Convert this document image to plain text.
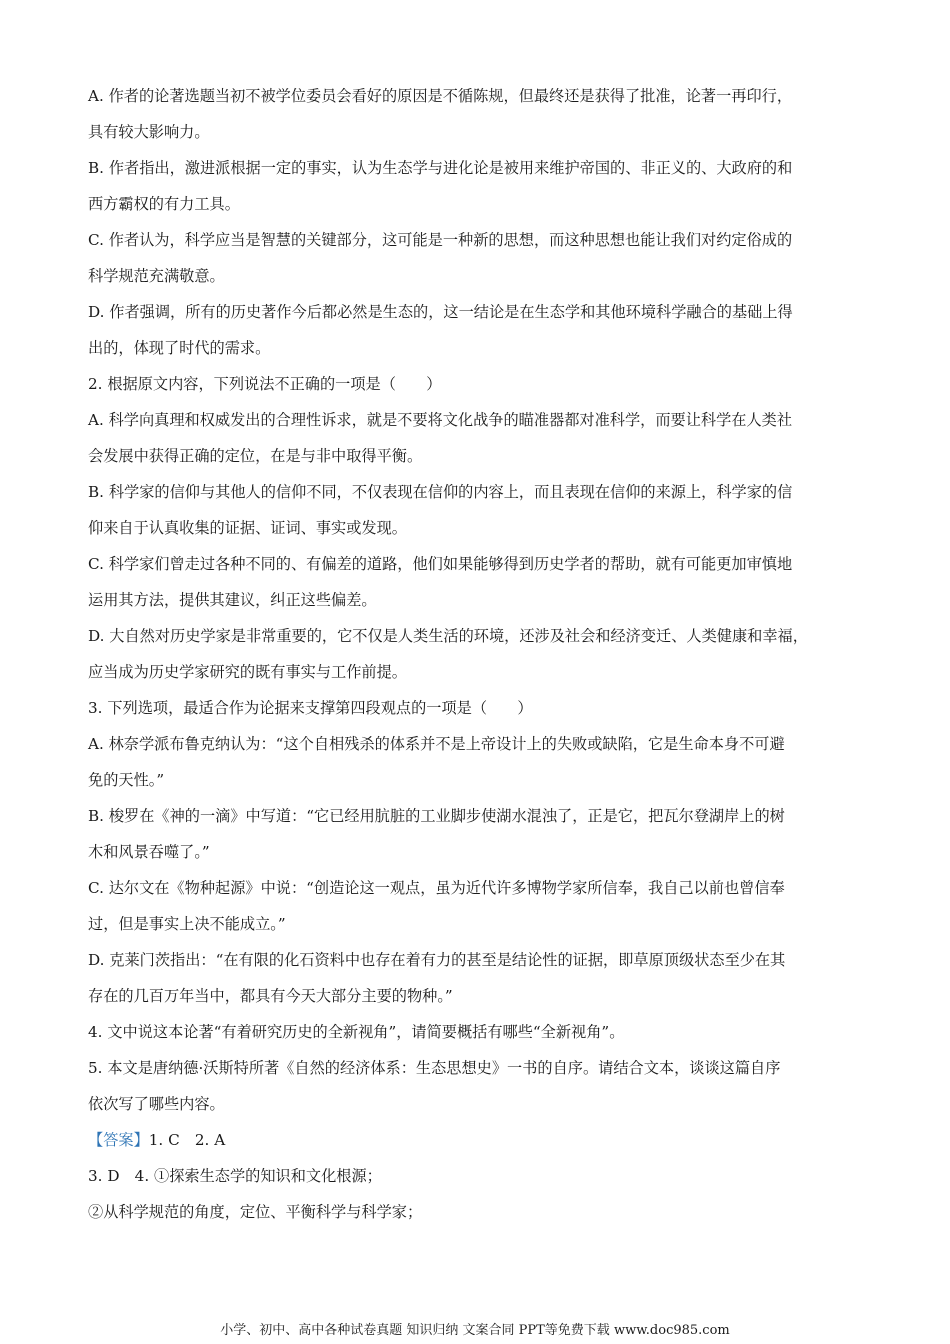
A. 作者的论著选题当初不被学位委员会看好的原因是不循陈规，但最终还是获得了批准，论著一再印行，
具有较大影响力。
B. 作者指出，激进派根据一定的事实，认为生态学与进化论是被用来维护帝国的、非正义的、大政府的和
西方霸权的有力工具。
C. 作者认为，科学应当是智慧的关键部分，这可能是一种新的思想，而这种思想也能让我们对约定俗成的
科学规范充满敬意。
D. 作者强调，所有的历史著作今后都必然是生态的，这一结论是在生态学和其他环境科学融合的基础上得
出的，体现了时代的需求。
2. 根据原文内容，下列说法不正确的一项是（　　）
A. 科学向真理和权威发出的合理性诉求，就是不要将文化战争的瞄准器都对准科学，而要让科学在人类社
会发展中获得正确的定位，在是与非中取得平衡。
B. 科学家的信仰与其他人的信仰不同，不仅表现在信仰的内容上，而且表现在信仰的来源上，科学家的信
仰来自于认真收集的证据、证词、事实或发现。
C. 科学家们曾走过各种不同的、有偏差的道路，他们如果能够得到历史学者的帮助，就有可能更加审慎地
运用其方法，提供其建议，纠正这些偏差。
D. 大自然对历史学家是非常重要的，它不仅是人类生活的环境，还涉及社会和经济变迁、人类健康和幸福，
应当成为历史学家研究的既有事实与工作前提。
3. 下列选项，最适合作为论据来支撑第四段观点的一项是（　　）
A. 林奈学派布鲁克纳认为：“这个自相残杀的体系并不是上帝设计上的失败或缺陷，它是生命本身不可避
免的天性。”
B. 梭罗在《神的一滴》中写道：“它已经用肮脏的工业脚步使湖水混浊了，正是它，把瓦尔登湖岸上的树
木和风景吞噬了。”
C. 达尔文在《物种起源》中说：“创造论这一观点，虽为近代许多博物学家所信奉，我自己以前也曾信奉
过，但是事实上决不能成立。”
D. 克莱门茨指出：“在有限的化石资料中也存在着有力的甚至是结论性的证据，即草原顶级状态至少在其
存在的几百万年当中，都具有今天大部分主要的物种。”
4. 文中说这本论著“有着研究历史的全新视角”，请简要概括有哪些“全新视角”。
5. 本文是唐纳德·沃斯特所著《自然的经济体系：生态思想史》一书的自序。请结合文本，谈谈这篇自序
依次写了哪些内容。
【答案】1. C　2. A
3. D　4. ①探索生态学的知识和文化根源；
②从科学规范的角度，定位、平衡科学与科学家；
小学、初中、高中各种试卷真题 知识归纳 文案合同 PPT等免费下载 www.doc985.com
